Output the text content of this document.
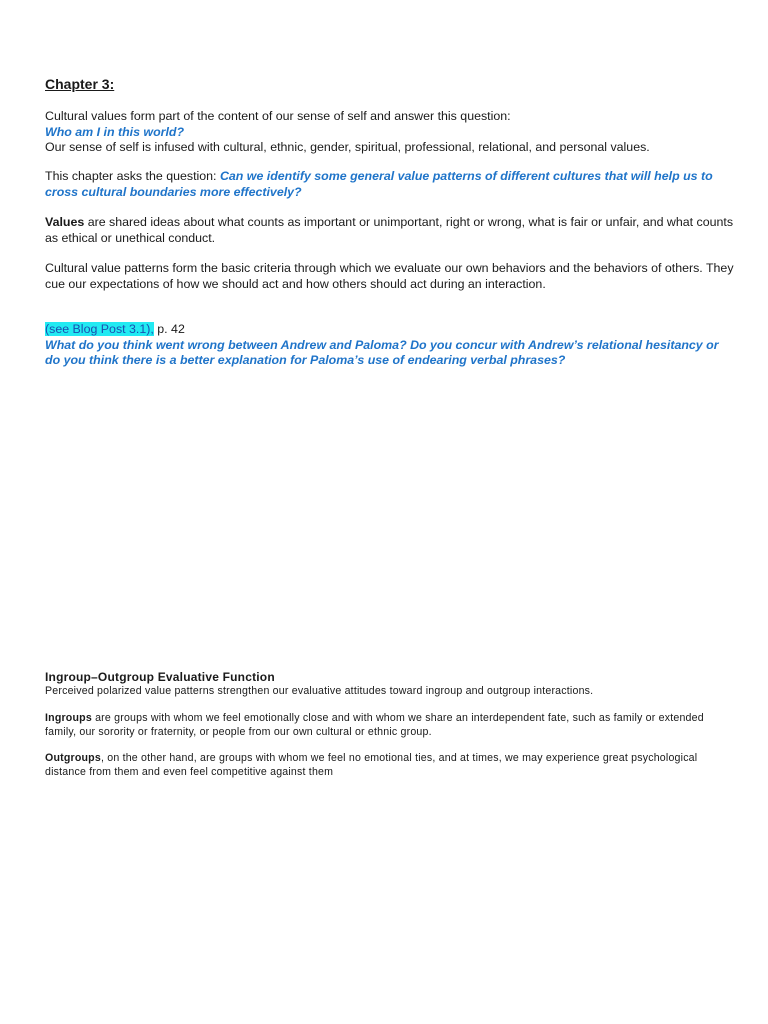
Chapter 3:

Cultural values form part of the content of our sense of self and answer this question:

Who am I in this world?

Our sense of self is infused with cultural, ethnic, gender, spiritual, professional, relational, and personal values.

This chapter asks the question: Can we identify some general value patterns of different cultures that will help us to cross cultural boundaries more effectively?

Values are shared ideas about what counts as important or unimportant, right or wrong, what is fair or unfair, and what counts as ethical or unethical conduct.

Cultural value patterns form the basic criteria through which we evaluate our own behaviors and the behaviors of others. They cue our expectations of how we should act and how others should act during an interaction.

(see Blog Post 3.1), p. 42

What do you think went wrong between Andrew and Paloma? Do you concur with Andrew’s relational hesitancy or do you think there is a better explanation for Paloma’s use of endearing verbal phrases?

Ingroup–Outgroup Evaluative Function

Perceived polarized value patterns strengthen our evaluative attitudes toward ingroup and outgroup interactions.

Ingroups are groups with whom we feel emotionally close and with whom we share an interdependent fate, such as family or extended family, our sorority or fraternity, or people from our own cultural or ethnic group.

Outgroups, on the other hand, are groups with whom we feel no emotional ties, and at times, we may experience great psychological distance from them and even feel competitive against them
